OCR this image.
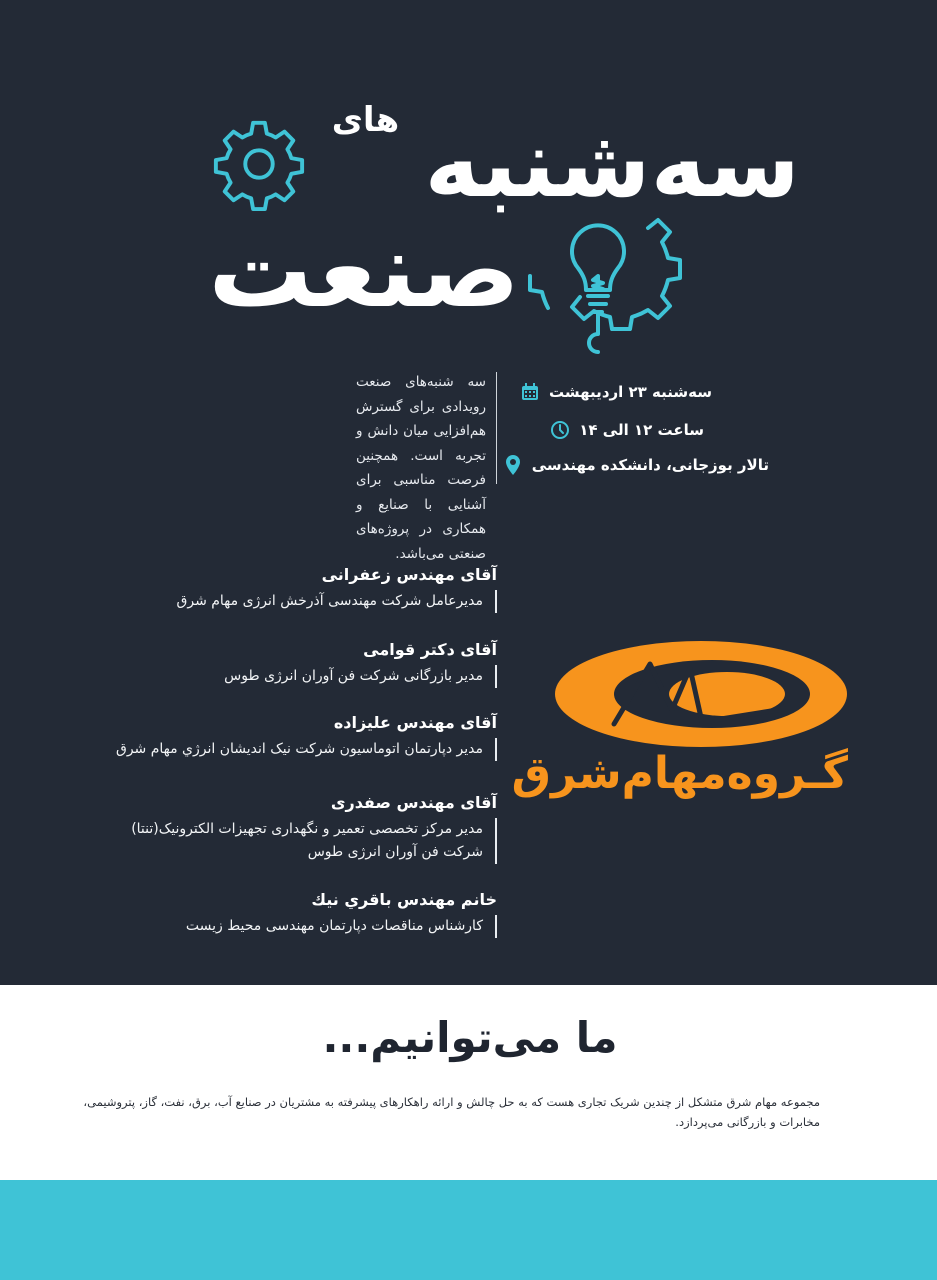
های سه‌شنبه
صنعت

سه شنبه‌های صنعت رویدادی برای گسترش هم‌افزایی میان دانش و تجربه است. همچنین فرصت مناسبی برای آشنایی با صنایع و همکاری در پروژه‌های صنعتی می‌باشد.

سه‌شنبه ۲۳ اردیبهشت
ساعت ۱۲ الی ۱۴
تالار بوزجانی، دانشکده مهندسی
آقای مهندس زعفرانی
مدیرعامل شرکت مهندسی آذرخش انرژی مهام شرق
آقای دکتر قوامی
مدیر بازرگانی شرکت فن آوران انرژی طوس
آقای مهندس علیزاده
مدیر دپارتمان اتوماسیون شرکت نیک اندیشان انرژي مهام شرق
آقای مهندس صفدری
مدیر مرکز تخصصی تعمیر و نگهداری تجهیزات الکترونیک(تنتا)
شرکت فن آوران انرژی طوس
خانم مهندس باقري نيك
کارشناس مناقصات دپارتمان مهندسی محیط زیست
گـروه‌مهام‌شرق
ما می‌توانیم...
مجموعه مهام شرق متشکل از چندین شریک تجاری هست که به حل چالش و ارائه راهکارهای پیشرفته به مشتریان در صنایع آب، برق، نفت، گاز، پتروشیمی، مخابرات و بازرگانی می‌پردازد.
